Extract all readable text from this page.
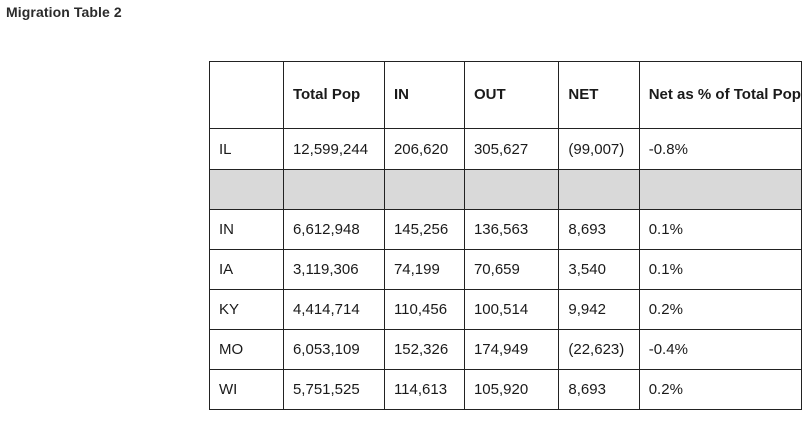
Migration Table 2
	Total Pop	IN	OUT	NET	Net as % of Total Pop
IL	12,599,244	206,620	305,627	(99,007)	-0.8%

IN	6,612,948	145,256	136,563	8,693	0.1%
IA	3,119,306	74,199	70,659	3,540	0.1%
KY	4,414,714	110,456	100,514	9,942	0.2%
MO	6,053,109	152,326	174,949	(22,623)	-0.4%
WI	5,751,525	114,613	105,920	8,693	0.2%
